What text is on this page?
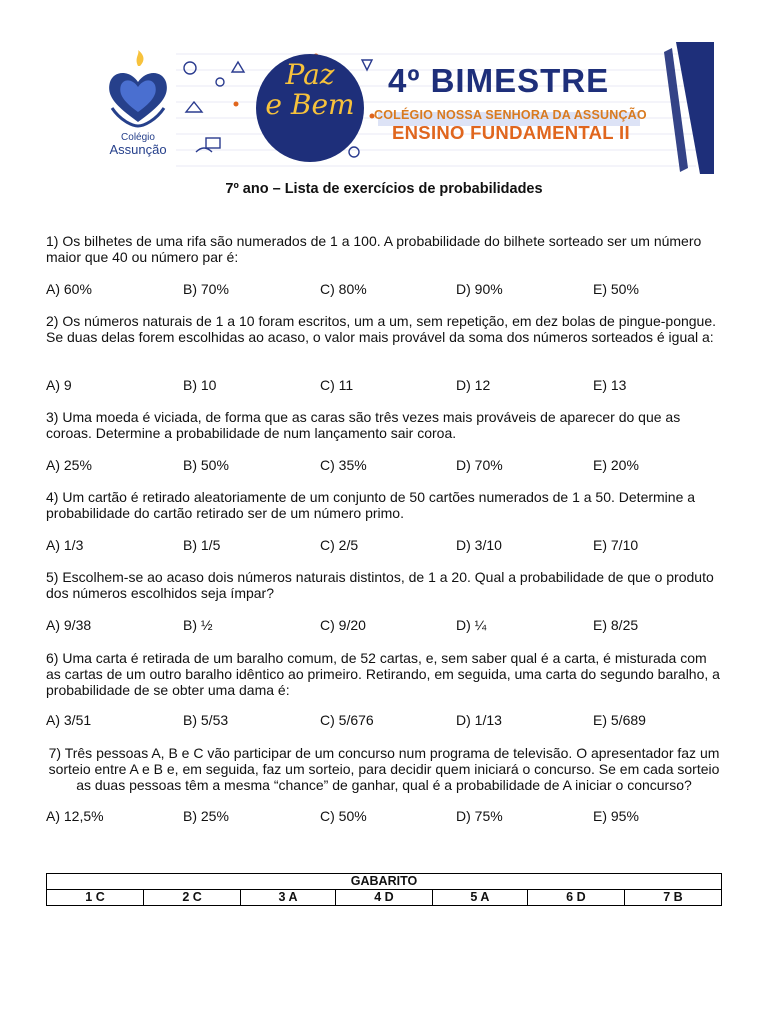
Colégio
Assunção
Paz
e Bem
4º BIMESTRE
COLÉGIO NOSSA SENHORA DA ASSUNÇÃO
ENSINO FUNDAMENTAL II
7º ano – Lista de exercícios de probabilidades
1) Os bilhetes de uma rifa são numerados de 1 a 100. A probabilidade do bilhete sorteado ser um número maior que 40 ou número par é:
A) 60%	B) 70%	C) 80%	D) 90%	E) 50%
2) Os números naturais de 1 a 10 foram escritos, um a um, sem repetição, em dez bolas de pingue-pongue. Se duas delas forem escolhidas ao acaso, o valor mais provável da soma dos números sorteados é igual a:
A) 9	B) 10	C) 11	D) 12	E) 13
3) Uma moeda é viciada, de forma que as caras são três vezes mais prováveis de aparecer do que as coroas. Determine a probabilidade de num lançamento sair coroa.
A) 25%	B) 50%	C) 35%	D) 70%	E) 20%
4) Um cartão é retirado aleatoriamente de um conjunto de 50 cartões numerados de 1 a 50. Determine a probabilidade do cartão retirado ser de um número primo.
A) 1/3	B) 1/5	C) 2/5	D) 3/10	E) 7/10
5) Escolhem-se ao acaso dois números naturais distintos, de 1 a 20. Qual a probabilidade de que o produto dos números escolhidos seja ímpar?
A) 9/38	B) ½	C) 9/20	D) ¼	E) 8/25
6) Uma carta é retirada de um baralho comum, de 52 cartas, e, sem saber qual é a carta, é misturada com as cartas de um outro baralho idêntico ao primeiro. Retirando, em seguida, uma carta do segundo baralho, a probabilidade de se obter uma dama é:
A) 3/51	B) 5/53	C) 5/676	D) 1/13	E) 5/689
7) Três pessoas A, B e C vão participar de um concurso num programa de televisão. O apresentador faz um sorteio entre A e B e, em seguida, faz um sorteio, para decidir quem iniciará o concurso. Se em cada sorteio as duas pessoas têm a mesma “chance” de ganhar, qual é a probabilidade de A iniciar o concurso?
A) 12,5%	B) 25%	C) 50%	D) 75%	E) 95%
GABARITO
1 C	2 C	3 A	4 D	5 A	6 D	7 B
